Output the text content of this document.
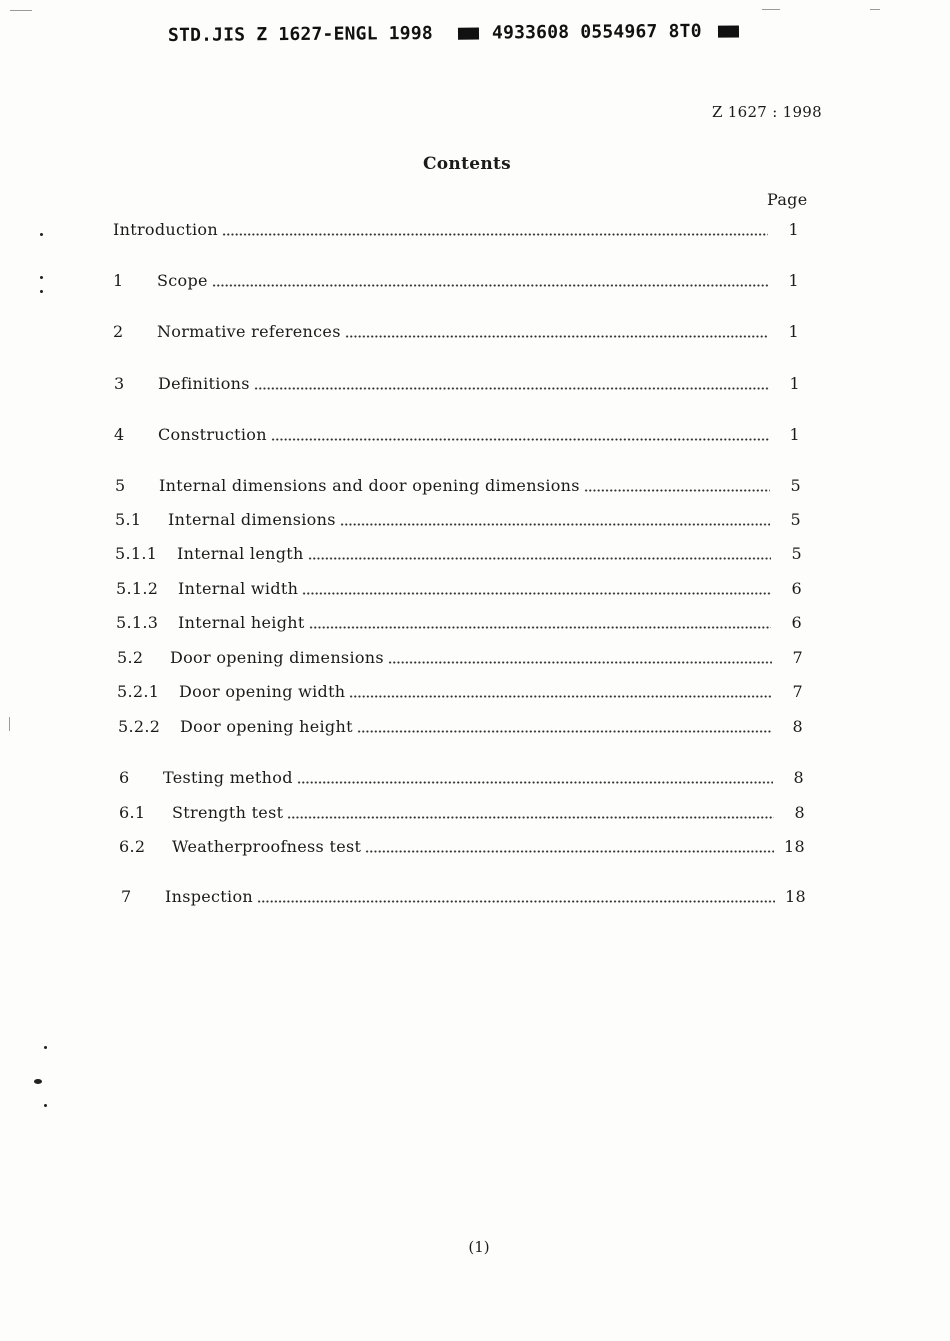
STD.JIS Z 1627-ENGL 1998	4933608 0554967 8T0
Z 1627 : 1998
Contents
Page
Introduction	1
1	Scope	1
2	Normative references	1
3	Definitions	1
4	Construction	1
5	Internal dimensions and door opening dimensions	5
5.1	Internal dimensions	5
5.1.1	Internal length	5
5.1.2	Internal width	6
5.1.3	Internal height	6
5.2	Door opening dimensions	7
5.2.1	Door opening width	7
5.2.2	Door opening height	8
6	Testing method	8
6.1	Strength test	8
6.2	Weatherproofness test	18
7	Inspection	18
(1)
